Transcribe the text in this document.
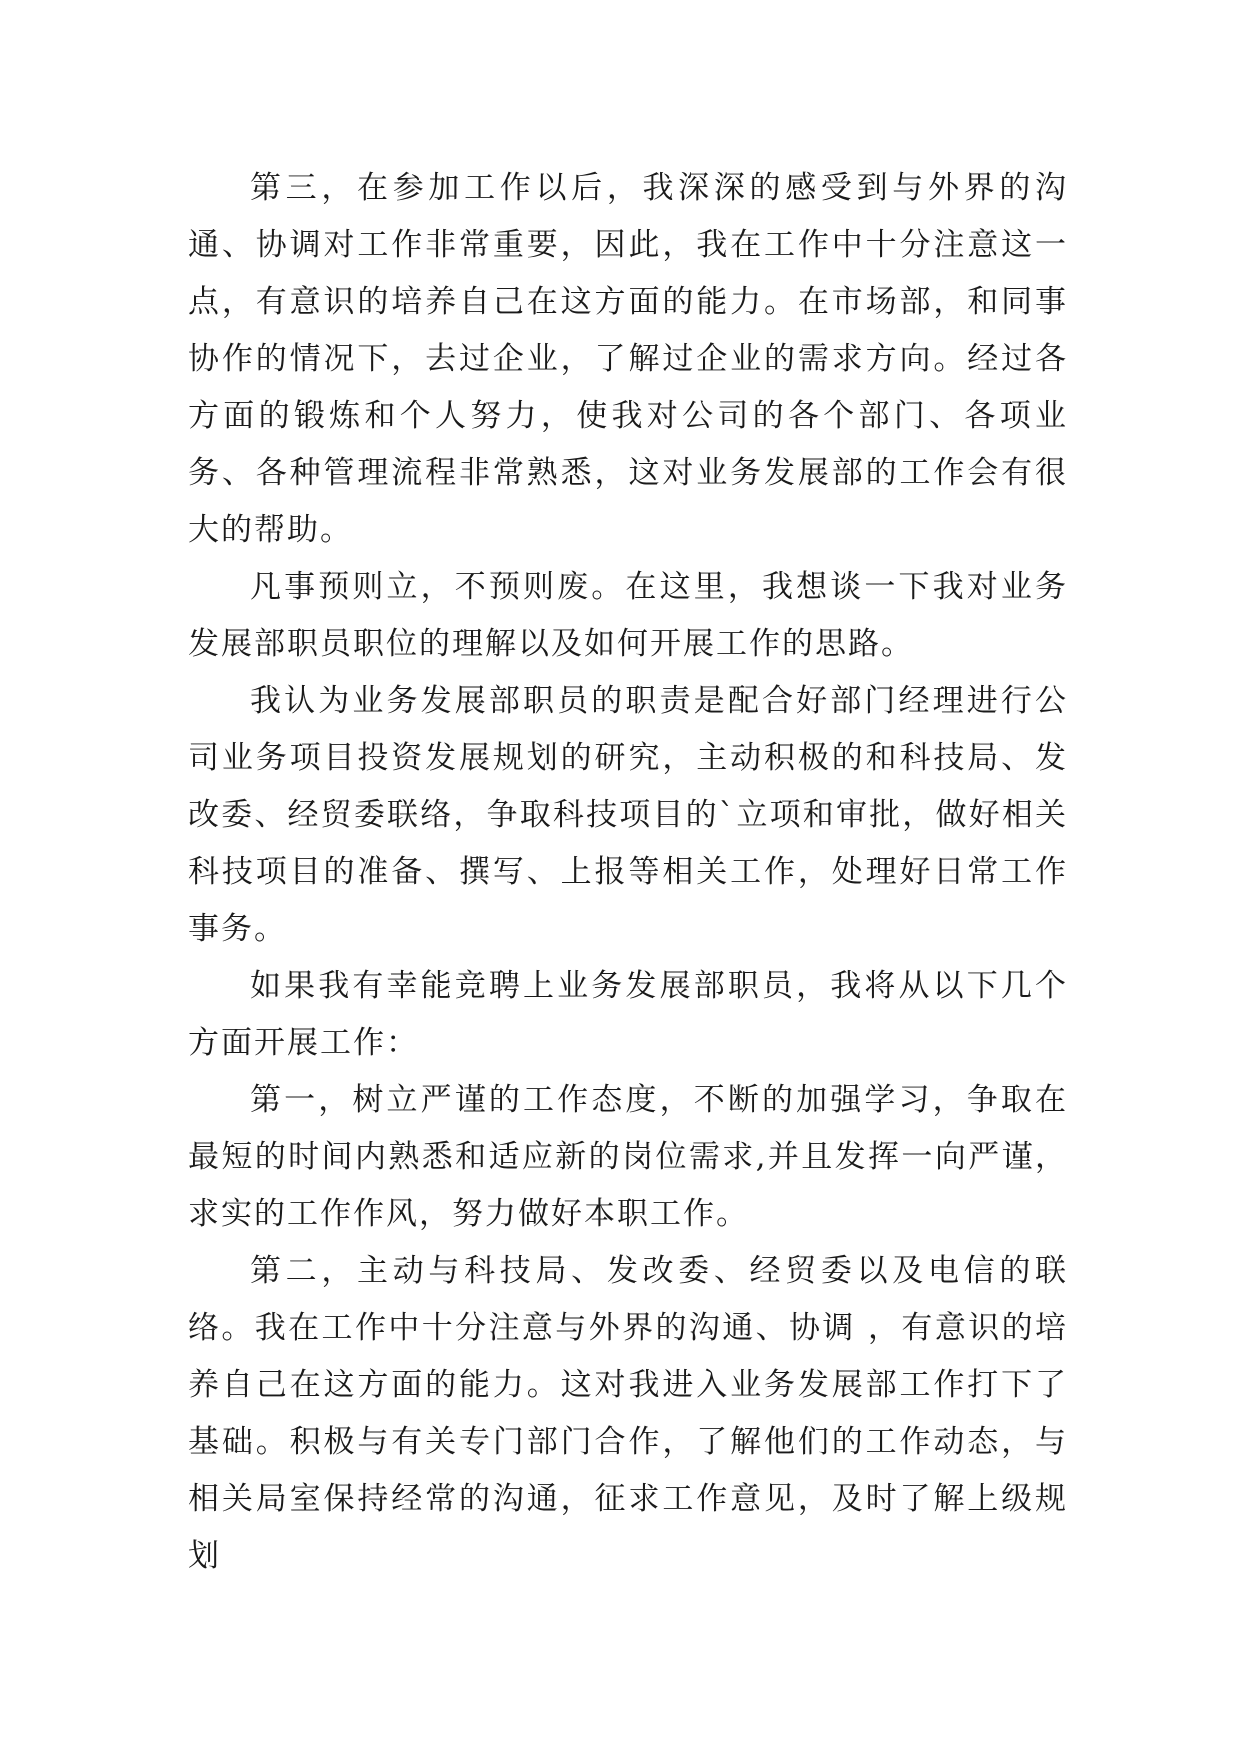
第三，在参加工作以后，我深深的感受到与外界的沟通、协调对工作非常重要，因此，我在工作中十分注意这一点，有意识的培养自己在这方面的能力。在市场部，和同事协作的情况下，去过企业，了解过企业的需求方向。经过各方面的锻炼和个人努力，使我对公司的各个部门、各项业务、各种管理流程非常熟悉，这对业务发展部的工作会有很大的帮助。

凡事预则立，不预则废。在这里，我想谈一下我对业务发展部职员职位的理解以及如何开展工作的思路。

我认为业务发展部职员的职责是配合好部门经理进行公司业务项目投资发展规划的研究，主动积极的和科技局、发改委、经贸委联络，争取科技项目的`立项和审批，做好相关科技项目的准备、撰写、上报等相关工作，处理好日常工作事务。

如果我有幸能竞聘上业务发展部职员，我将从以下几个方面开展工作：

第一，树立严谨的工作态度，不断的加强学习，争取在最短的时间内熟悉和适应新的岗位需求,并且发挥一向严谨，求实的工作作风，努力做好本职工作。

第二，主动与科技局、发改委、经贸委以及电信的联络。我在工作中十分注意与外界的沟通、协调 ，有意识的培养自己在这方面的能力。这对我进入业务发展部工作打下了基础。积极与有关专门部门合作，了解他们的工作动态，与相关局室保持经常的沟通，征求工作意见，及时了解上级规划
